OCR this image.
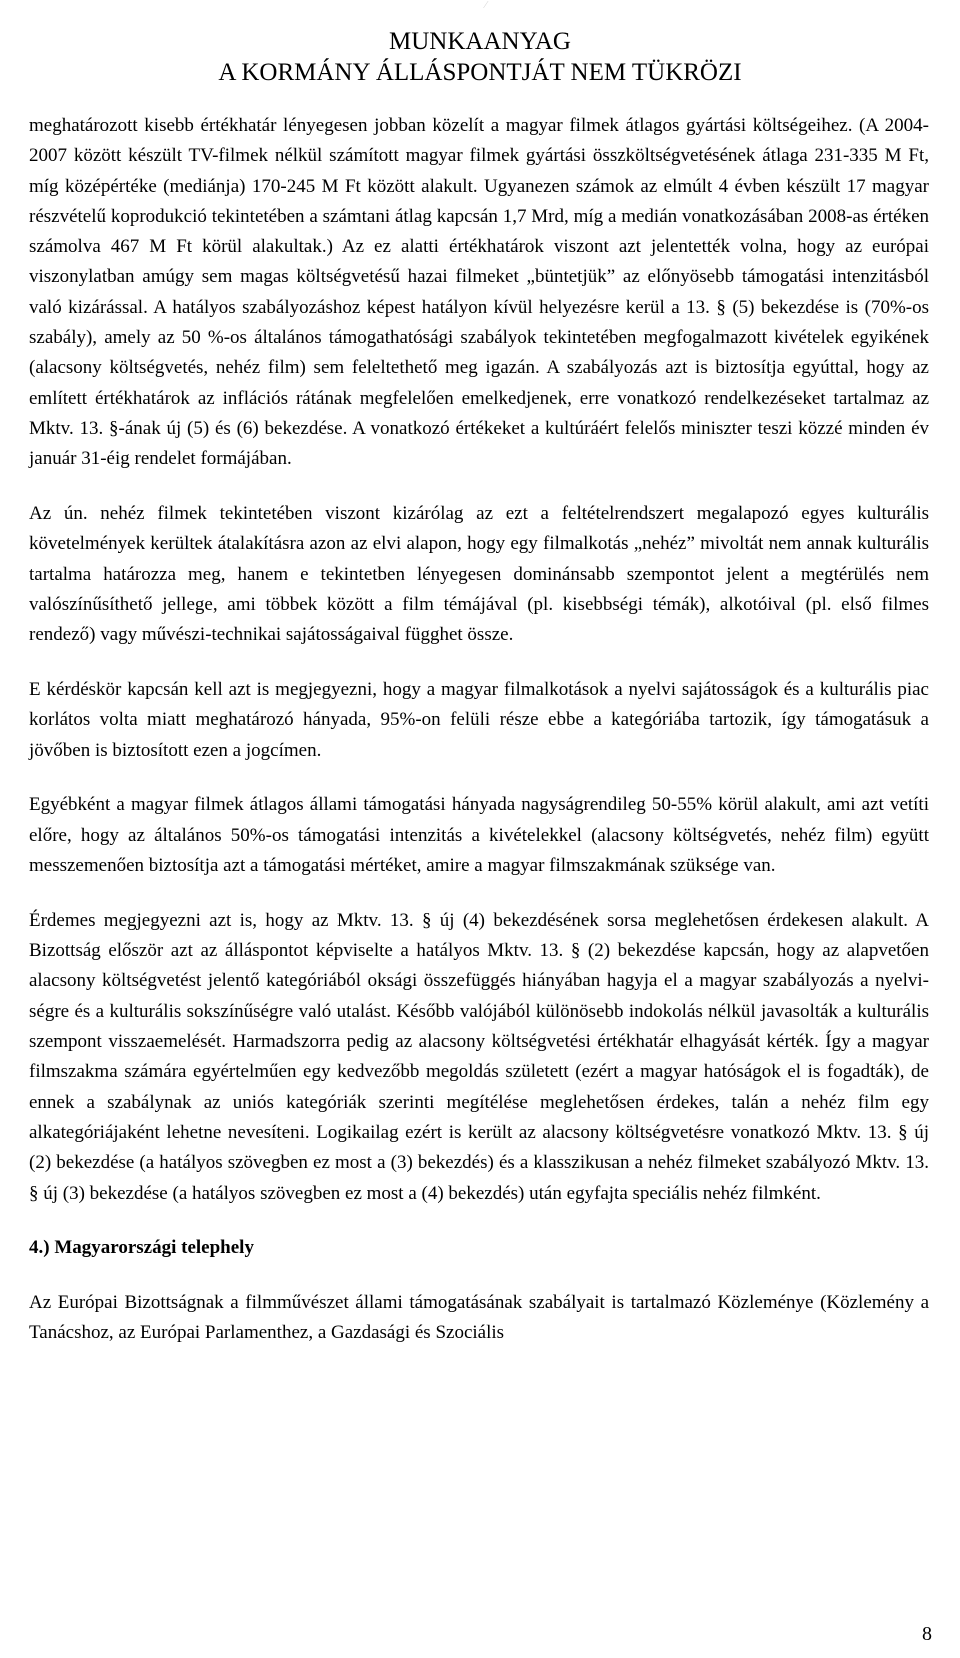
⁄
MUNKAANYAG
A KORMÁNY ÁLLÁSPONTJÁT NEM TÜKRÖZI

meghatározott kisebb értékhatár lényegesen jobban közelít a magyar filmek átlagos gyártási költségeihez. (A 2004-2007 között készült TV-filmek nélkül számított magyar filmek gyártási összköltségvetésének átlaga 231-335 M Ft, míg középértéke (mediánja) 170-245 M Ft között alakult. Ugyanezen számok az elmúlt 4 évben készült 17 magyar részvételű koprodukció tekintetében a számtani átlag kapcsán 1,7 Mrd, míg a medián vonatkozásában 2008-as értéken számolva 467 M Ft körül alakultak.) Az ez alatti értékhatárok viszont azt jelentették volna, hogy az európai viszonylatban amúgy sem magas költségvetésű hazai filmeket „büntetjük” az előnyösebb támogatási intenzitásból való kizárással. A hatályos szabályozáshoz képest hatályon kívül helyezésre kerül a 13. § (5) bekezdése is (70%-os szabály), amely az 50 %-os általános támogathatósági szabályok tekintetében megfogalmazott kivételek egyikének (alacsony költségvetés, nehéz film) sem feleltethető meg igazán. A szabályozás azt is biztosítja egyúttal, hogy az említett értékhatárok az inflációs rátának megfelelően emelkedjenek, erre vonatkozó rendelkezéseket tartalmaz az Mktv. 13. §-ának új (5) és (6) bekezdése. A vonatkozó értékeket a kultúráért felelős miniszter teszi közzé minden év január 31-éig rendelet formájában.

Az ún. nehéz filmek tekintetében viszont kizárólag az ezt a feltételrendszert megalapozó egyes kulturális követelmények kerültek átalakításra azon az elvi alapon, hogy egy filmalkotás „nehéz” mivoltát nem annak kulturális tartalma határozza meg, hanem e tekintetben lényegesen dominánsabb szempontot jelent a megtérülés nem valószínűsíthető jellege, ami többek között a film témájával (pl. kisebbségi témák), alkotóival (pl. első filmes rendező) vagy művészi-technikai sajátosságaival függhet össze.

E kérdéskör kapcsán kell azt is megjegyezni, hogy a magyar filmalkotások a nyelvi sajátosságok és a kulturális piac korlátos volta miatt meghatározó hányada, 95%-on felüli része ebbe a kategóriába tartozik, így támogatásuk a jövőben is biztosított ezen a jogcímen.

Egyébként a magyar filmek átlagos állami támogatási hányada nagyságrendileg 50-55% körül alakult, ami azt vetíti előre, hogy az általános 50%-os támogatási intenzitás a kivételekkel (alacsony költségvetés, nehéz film) együtt messzemenően biztosítja azt a támogatási mértéket, amire a magyar filmszakmának szüksége van.

Érdemes megjegyezni azt is, hogy az Mktv. 13. § új (4) bekezdésének sorsa meglehetősen érdekesen alakult. A Bizottság először azt az álláspontot képviselte a hatályos Mktv. 13. § (2) bekezdése kapcsán, hogy az alapvetően alacsony költségvetést jelentő kategóriából oksági összefüggés hiányában hagyja el a magyar szabályozás a nyelviségre és a kulturális sokszínűségre való utalást. Később valójából különösebb indokolás nélkül javasolták a kulturális szempont visszaemelését. Harmadszorra pedig az alacsony költségvetési értékhatár elhagyását kérték. Így a magyar filmszakma számára egyértelműen egy kedvezőbb megoldás született (ezért a magyar hatóságok el is fogadták), de ennek a szabálynak az uniós kategóriák szerinti megítélése meglehetősen érdekes, talán a nehéz film egy alkategóriájaként lehetne nevesíteni. Logikailag ezért is került az alacsony költségvetésre vonatkozó Mktv. 13. § új (2) bekezdése (a hatályos szövegben ez most a (3) bekezdés) és a klasszikusan a nehéz filmeket szabályozó Mktv. 13. § új (3) bekezdése (a hatályos szövegben ez most a (4) bekezdés) után egyfajta speciális nehéz filmként.

4.) Magyarországi telephely

Az Európai Bizottságnak a filmművészet állami támogatásának szabályait is tartalmazó Közleménye (Közlemény a Tanácshoz, az Európai Parlamenthez, a Gazdasági és Szociális

8
